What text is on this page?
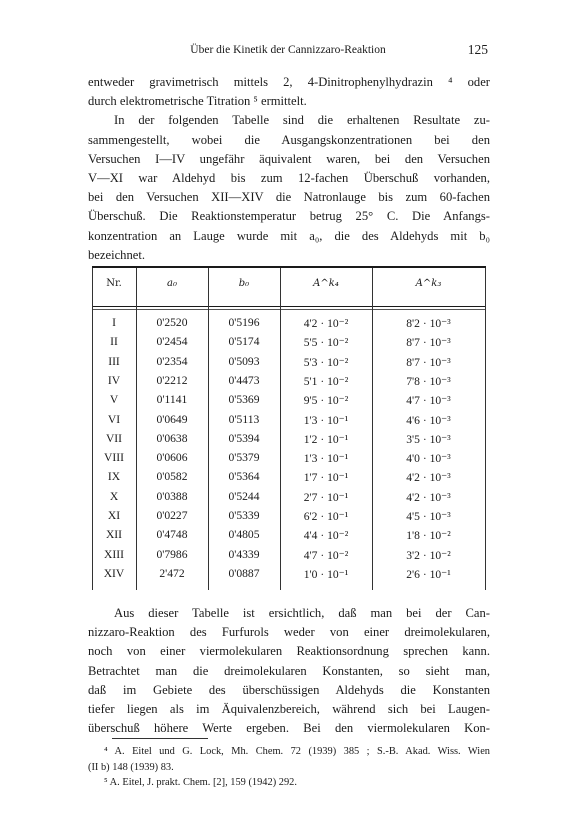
Über die Kinetik der Cannizzaro-Reaktion	125
entweder gravimetrisch mittels 2, 4-Dinitrophenylhydrazin ⁴ oder
durch elektrometrische Titration ⁵ ermittelt.
In der folgenden Tabelle sind die erhaltenen Resultate zu-
sammengestellt, wobei die Ausgangskonzentrationen bei den
Versuchen I—IV ungefähr äquivalent waren, bei den Versuchen
V—XI war Aldehyd bis zum 12-fachen Überschuß vorhanden,
bei den Versuchen XII—XIV die Natronlauge bis zum 60-fachen
Überschuß. Die Reaktionstemperatur betrug 25° C. Die Anfangs-
konzentration an Lauge wurde mit a₀, die des Aldehyds mit b₀
bezeichnet.
Nr.	a₀	b₀	A^k₄	A^k₃
I	0'2520	0'5196	4'2 · 10⁻²	8'2 · 10⁻³
II	0'2454	0'5174	5'5 · 10⁻²	8'7 · 10⁻³
III	0'2354	0'5093	5'3 · 10⁻²	8'7 · 10⁻³
IV	0'2212	0'4473	5'1 · 10⁻²	7'8 · 10⁻³
V	0'1141	0'5369	9'5 · 10⁻²	4'7 · 10⁻³
VI	0'0649	0'5113	1'3 · 10⁻¹	4'6 · 10⁻³
VII	0'0638	0'5394	1'2 · 10⁻¹	3'5 · 10⁻³
VIII	0'0606	0'5379	1'3 · 10⁻¹	4'0 · 10⁻³
IX	0'0582	0'5364	1'7 · 10⁻¹	4'2 · 10⁻³
X	0'0388	0'5244	2'7 · 10⁻¹	4'2 · 10⁻³
XI	0'0227	0'5339	6'2 · 10⁻¹	4'5 · 10⁻³
XII	0'4748	0'4805	4'4 · 10⁻²	1'8 · 10⁻²
XIII	0'7986	0'4339	4'7 · 10⁻²	3'2 · 10⁻²
XIV	2'472	0'0887	1'0 · 10⁻¹	2'6 · 10⁻¹
Aus dieser Tabelle ist ersichtlich, daß man bei der Can-
nizzaro-Reaktion des Furfurols weder von einer dreimolekularen,
noch von einer viermolekularen Reaktionsordnung sprechen kann.
Betrachtet man die dreimolekularen Konstanten, so sieht man,
daß im Gebiete des überschüssigen Aldehyds die Konstanten
tiefer liegen als im Äquivalenzbereich, während sich bei Laugen-
überschuß höhere Werte ergeben. Bei den viermolekularen Kon-
⁴ A. Eitel und G. Lock, Mh. Chem. 72 (1939) 385 ; S.-B. Akad. Wiss. Wien
(II b) 148 (1939) 83.
⁵ A. Eitel, J. prakt. Chem. [2], 159 (1942) 292.
